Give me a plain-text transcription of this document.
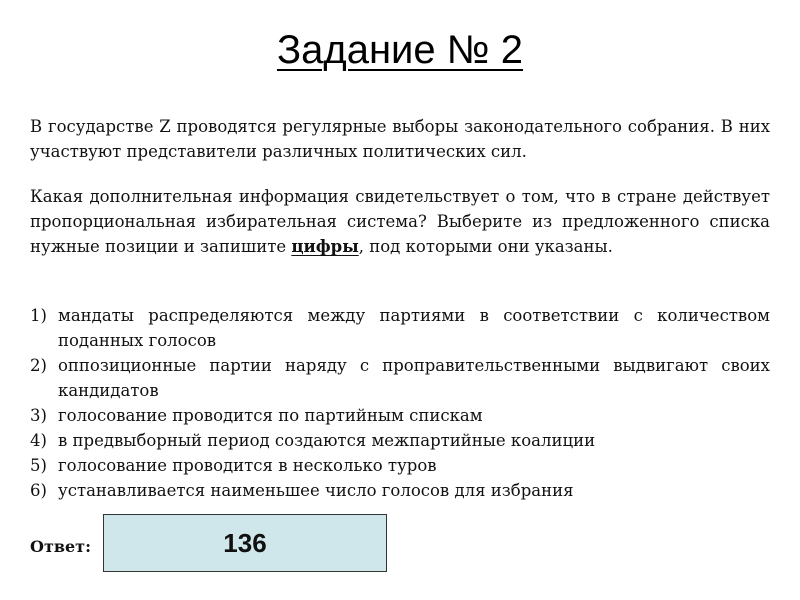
Задание № 2

В государстве Z проводятся регулярные выборы законодательного собрания. В них участвуют представители различных политических сил.

Какая дополнительная информация свидетельствует о том, что в стране действует пропорциональная избирательная система? Выберите из предложенного списка нужные позиции и запишите цифры, под которыми они указаны.

1) мандаты распределяются между партиями в соответствии с количеством поданных голосов
2) оппозиционные партии наряду с проправительственными выдвигают своих кандидатов
3) голосование проводится по партийным спискам
4) в предвыборный период создаются межпартийные коалиции
5) голосование проводится в несколько туров
6) устанавливается наименьшее число голосов для избрания
Ответ:	136
